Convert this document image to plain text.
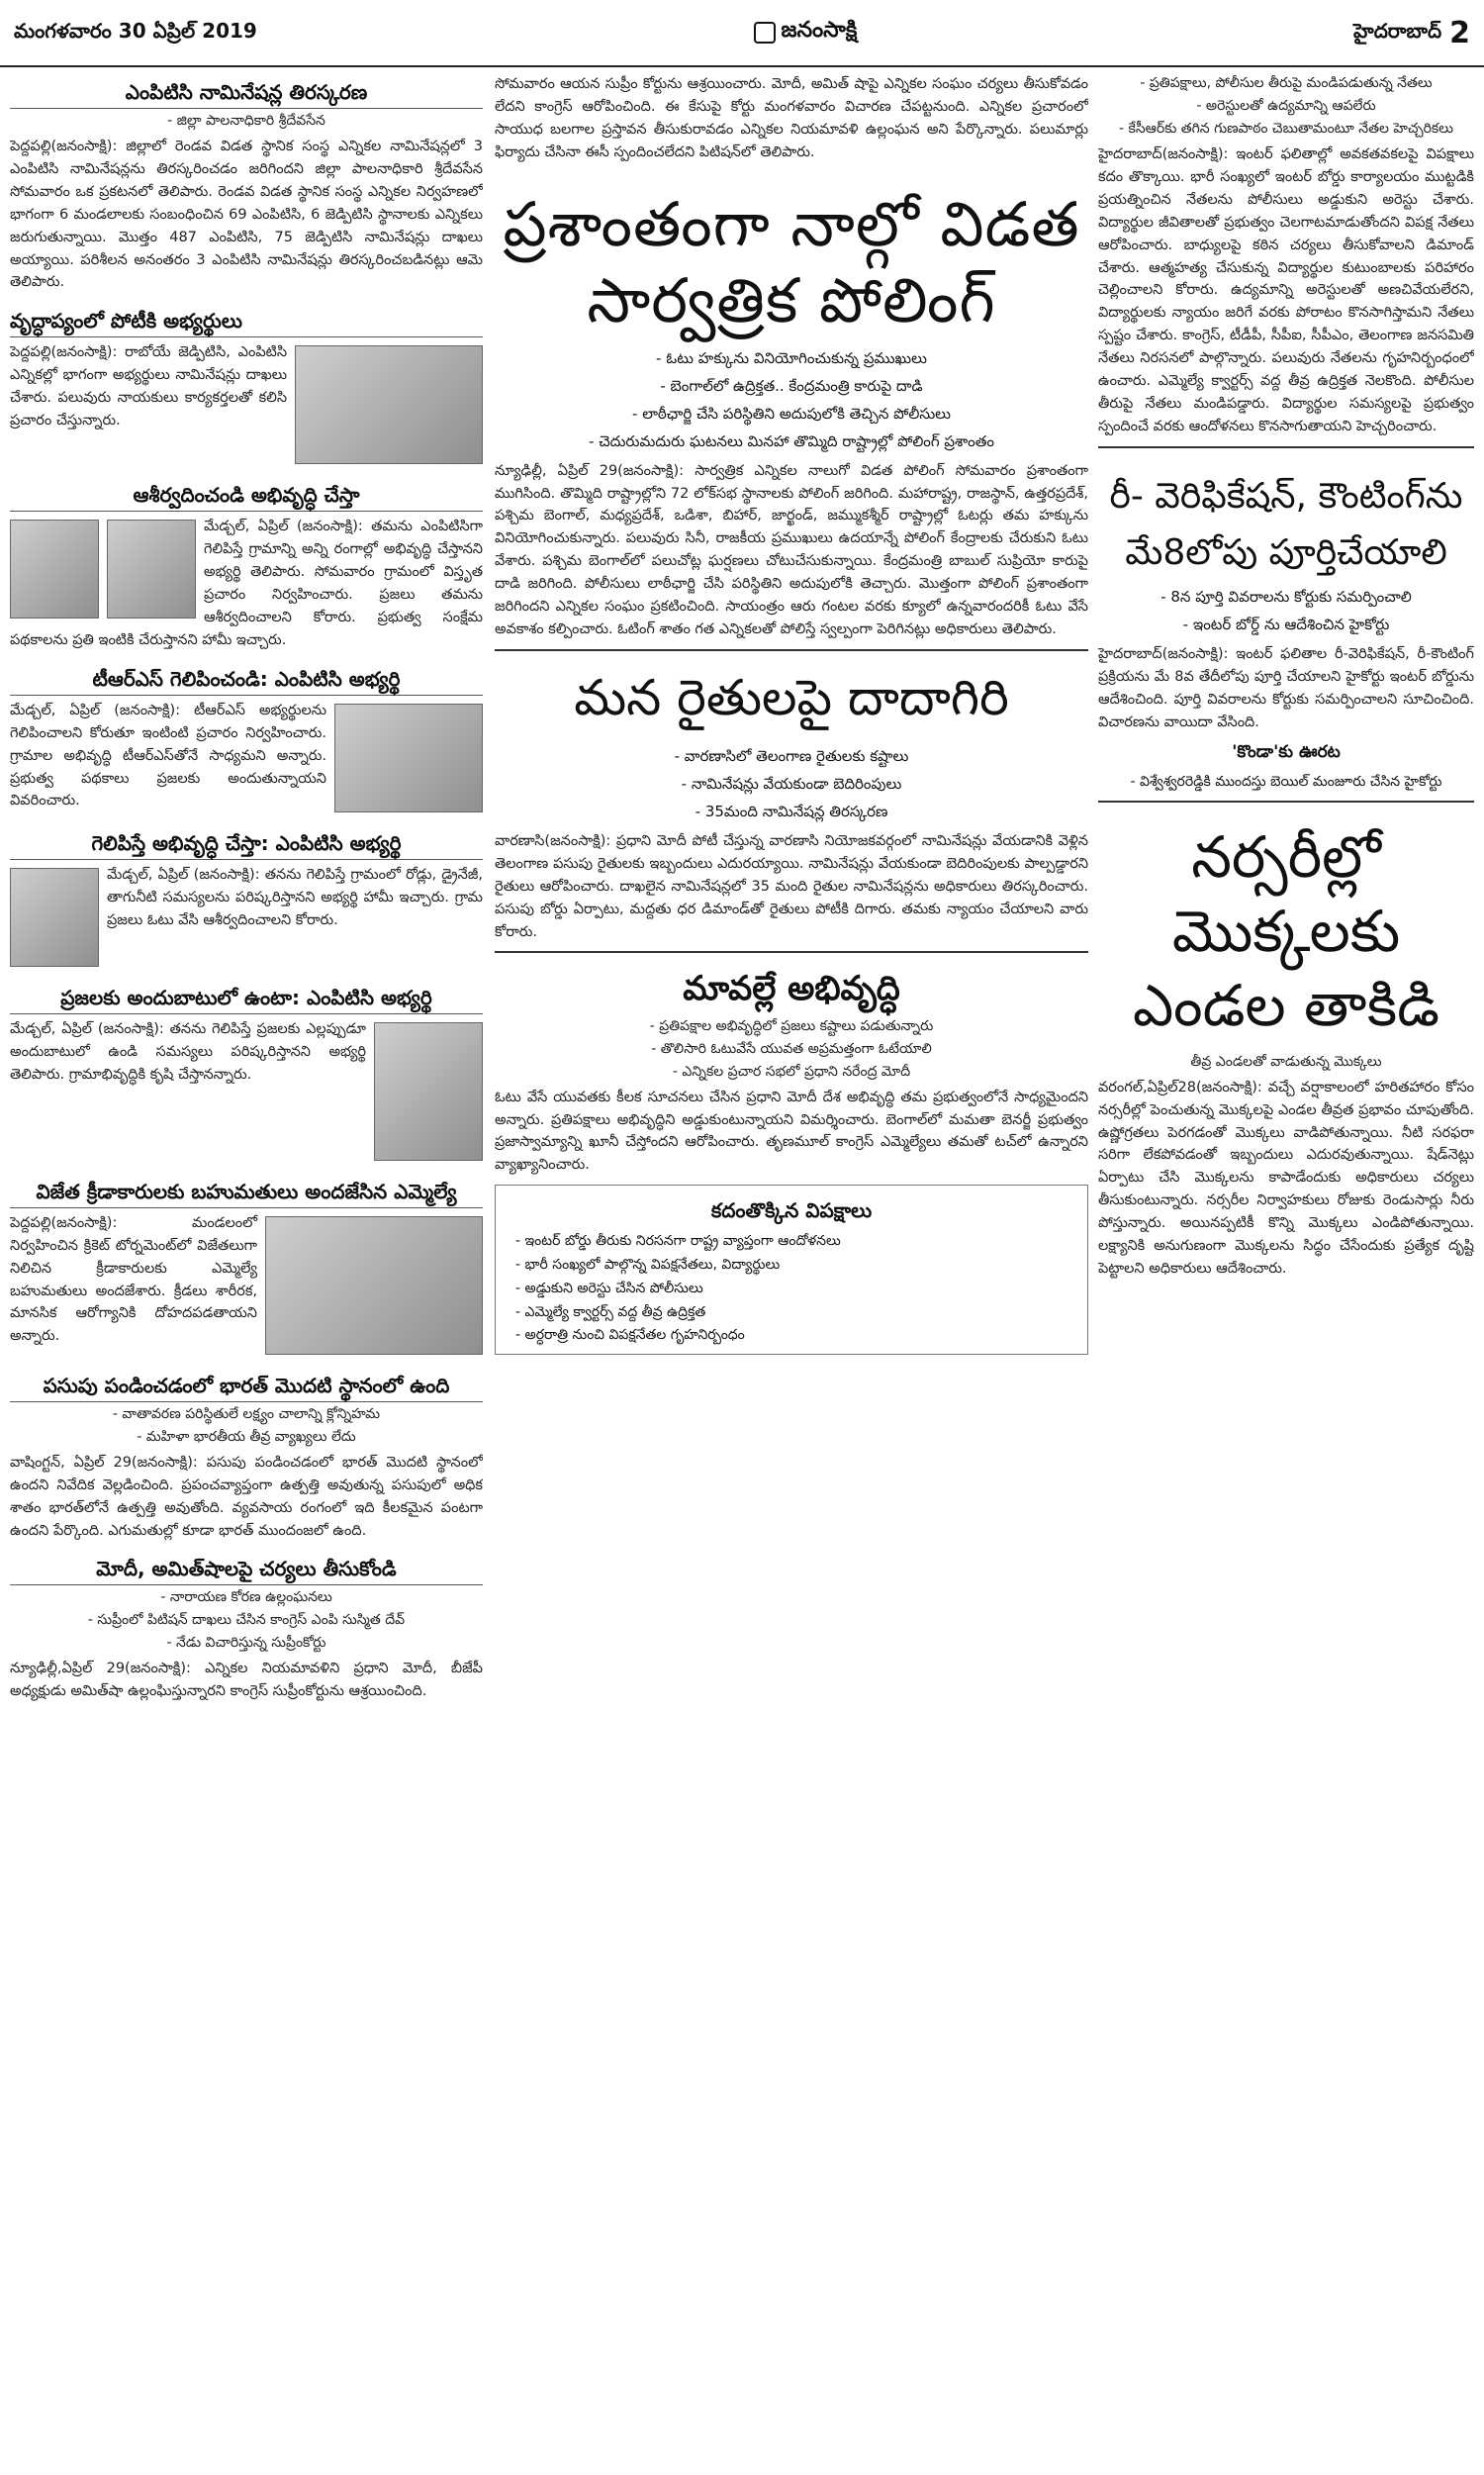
మంగళవారం 30 ఏప్రిల్ 2019	జనంసాక్షి	హైదరాబాద్ 2
ఎంపిటిసి నామినేషన్ల తిరస్కరణ
- జిల్లా పాలనాధికారి శ్రీదేవసేన
పెద్దపల్లి(జనంసాక్షి): జిల్లాలో రెండవ విడత స్థానిక సంస్థ ఎన్నికల నామినేషన్లలో 3 ఎంపిటిసి నామినేషన్లను తిరస్కరించడం జరిగిందని జిల్లా పాలనాధికారి శ్రీదేవసేన సోమవారం ఒక ప్రకటనలో తెలిపారు. రెండవ విడత స్థానిక సంస్థ ఎన్నికల నిర్వహణలో భాగంగా 6 మండలాలకు సంబంధించిన 69 ఎంపిటిసి, 6 జెడ్పిటిసి స్థానాలకు ఎన్నికలు జరుగుతున్నాయి. మొత్తం 487 ఎంపిటిసి, 75 జెడ్పిటిసి నామినేషన్లు దాఖలు అయ్యాయి. పరిశీలన అనంతరం 3 ఎంపిటిసి నామినేషన్లు తిరస్కరించబడినట్లు ఆమె తెలిపారు.
వృద్ధాప్యంలో పోటీకి అభ్యర్థులు
పెద్దపల్లి(జనంసాక్షి): రాబోయే జెడ్పిటిసి, ఎంపిటిసి ఎన్నికల్లో భాగంగా అభ్యర్థులు నామినేషన్లు దాఖలు చేశారు. పలువురు నాయకులు కార్యకర్తలతో కలిసి ప్రచారం చేస్తున్నారు.
ఆశీర్వదించండి అభివృద్ధి చేస్తా
మేడ్చల్, ఏప్రిల్ (జనంసాక్షి): తమను ఎంపిటిసిగా గెలిపిస్తే గ్రామాన్ని అన్ని రంగాల్లో అభివృద్ధి చేస్తానని అభ్యర్థి తెలిపారు. సోమవారం గ్రామంలో విస్తృత ప్రచారం నిర్వహించారు. ప్రజలు తమను ఆశీర్వదించాలని కోరారు. ప్రభుత్వ సంక్షేమ పథకాలను ప్రతి ఇంటికి చేరుస్తానని హామీ ఇచ్చారు.
టీఆర్ఎస్ గెలిపించండి: ఎంపిటిసి అభ్యర్థి
మేడ్చల్, ఏప్రిల్ (జనంసాక్షి): టీఆర్ఎస్ అభ్యర్థులను గెలిపించాలని కోరుతూ ఇంటింటి ప్రచారం నిర్వహించారు. గ్రామాల అభివృద్ధి టీఆర్ఎస్‌తోనే సాధ్యమని అన్నారు. ప్రభుత్వ పథకాలు ప్రజలకు అందుతున్నాయని వివరించారు.
గెలిపిస్తే అభివృద్ధి చేస్తా: ఎంపిటిసి అభ్యర్థి
మేడ్చల్, ఏప్రిల్ (జనంసాక్షి): తనను గెలిపిస్తే గ్రామంలో రోడ్లు, డ్రైనేజీ, తాగునీటి సమస్యలను పరిష్కరిస్తానని అభ్యర్థి హామీ ఇచ్చారు. గ్రామ ప్రజలు ఓటు వేసి ఆశీర్వదించాలని కోరారు.
ప్రజలకు అందుబాటులో ఉంటా: ఎంపిటిసి అభ్యర్థి
మేడ్చల్, ఏప్రిల్ (జనంసాక్షి): తనను గెలిపిస్తే ప్రజలకు ఎల్లప్పుడూ అందుబాటులో ఉండి సమస్యలు పరిష్కరిస్తానని అభ్యర్థి తెలిపారు. గ్రామాభివృద్ధికి కృషి చేస్తానన్నారు.
విజేత క్రీడాకారులకు బహుమతులు అందజేసిన ఎమ్మెల్యే
పెద్దపల్లి(జనంసాక్షి): మండలంలో నిర్వహించిన క్రికెట్ టోర్నమెంట్‌లో విజేతలుగా నిలిచిన క్రీడాకారులకు ఎమ్మెల్యే బహుమతులు అందజేశారు. క్రీడలు శారీరక, మానసిక ఆరోగ్యానికి దోహదపడతాయని అన్నారు.
పసుపు పండించడంలో భారత్ మొదటి స్థానంలో ఉంది
- వాతావరణ పరిస్థితులే లక్ష్యం చాలాన్ని క్లోన్నిహమ
- మహిళా భారతీయ తీవ్ర వ్యాఖ్యలు లేదు
వాషింగ్టన్, ఏప్రిల్ 29(జనంసాక్షి): పసుపు పండించడంలో భారత్ మొదటి స్థానంలో ఉందని నివేదిక వెల్లడించింది. ప్రపంచవ్యాప్తంగా ఉత్పత్తి అవుతున్న పసుపులో అధిక శాతం భారత్‌లోనే ఉత్పత్తి అవుతోంది. వ్యవసాయ రంగంలో ఇది కీలకమైన పంటగా ఉందని పేర్కొంది. ఎగుమతుల్లో కూడా భారత్ ముందంజలో ఉంది.
మోదీ, అమిత్‌షాలపై చర్యలు తీసుకోండి
- నారాయణ కోరణ ఉల్లంఘనలు
- సుప్రీంలో పిటిషన్ దాఖలు చేసిన కాంగ్రెస్ ఎంపి సుస్మిత దేవ్
- నేడు విచారిస్తున్న సుప్రీంకోర్టు
న్యూఢిల్లీ,ఏప్రిల్ 29(జనంసాక్షి): ఎన్నికల నియమావళిని ప్రధాని మోదీ, బీజేపీ అధ్యక్షుడు అమిత్‌షా ఉల్లంఘిస్తున్నారని కాంగ్రెస్ సుప్రీంకోర్టును ఆశ్రయించింది.
సోమవారం ఆయన సుప్రీం కోర్టును ఆశ్రయించారు. మోదీ, అమిత్ షాపై ఎన్నికల సంఘం చర్యలు తీసుకోవడం లేదని కాంగ్రెస్ ఆరోపించింది. ఈ కేసుపై కోర్టు మంగళవారం విచారణ చేపట్టనుంది. ఎన్నికల ప్రచారంలో సాయుధ బలగాల ప్రస్తావన తీసుకురావడం ఎన్నికల నియమావళి ఉల్లంఘన అని పేర్కొన్నారు. పలుమార్లు ఫిర్యాదు చేసినా ఈసీ స్పందించలేదని పిటిషన్‌లో తెలిపారు.
ప్రశాంతంగా నాల్గో విడత సార్వత్రిక పోలింగ్
- ఓటు హక్కును వినియోగించుకున్న ప్రముఖులు
- బెంగాల్‌లో ఉద్రిక్తత.. కేంద్రమంత్రి కారుపై దాడి
- లాఠీఛార్జి చేసి పరిస్థితిని అదుపులోకి తెచ్చిన పోలీసులు
- చెదురుమదురు ఘటనలు మినహా తొమ్మిది రాష్ట్రాల్లో పోలింగ్ ప్రశాంతం
న్యూఢిల్లీ, ఏప్రిల్ 29(జనంసాక్షి): సార్వత్రిక ఎన్నికల నాలుగో విడత పోలింగ్ సోమవారం ప్రశాంతంగా ముగిసింది. తొమ్మిది రాష్ట్రాల్లోని 72 లోక్‌సభ స్థానాలకు పోలింగ్ జరిగింది. మహారాష్ట్ర, రాజస్థాన్, ఉత్తరప్రదేశ్, పశ్చిమ బెంగాల్, మధ్యప్రదేశ్, ఒడిశా, బిహార్, జార్ఖండ్, జమ్ముకశ్మీర్ రాష్ట్రాల్లో ఓటర్లు తమ హక్కును వినియోగించుకున్నారు. పలువురు సినీ, రాజకీయ ప్రముఖులు ఉదయాన్నే పోలింగ్ కేంద్రాలకు చేరుకుని ఓటు వేశారు. పశ్చిమ బెంగాల్‌లో పలుచోట్ల ఘర్షణలు చోటుచేసుకున్నాయి. కేంద్రమంత్రి బాబుల్ సుప్రియో కారుపై దాడి జరిగింది. పోలీసులు లాఠీఛార్జి చేసి పరిస్థితిని అదుపులోకి తెచ్చారు. మొత్తంగా పోలింగ్ ప్రశాంతంగా జరిగిందని ఎన్నికల సంఘం ప్రకటించింది. సాయంత్రం ఆరు గంటల వరకు క్యూలో ఉన్నవారందరికీ ఓటు వేసే అవకాశం కల్పించారు. ఓటింగ్ శాతం గత ఎన్నికలతో పోలిస్తే స్వల్పంగా పెరిగినట్లు అధికారులు తెలిపారు.
మన రైతులపై దాదాగిరి
- వారణాసిలో తెలంగాణ రైతులకు కష్టాలు
- నామినేషన్లు వేయకుండా బెదిరింపులు
- 35మంది నామినేషన్ల తిరస్కరణ
వారణాసి(జనంసాక్షి): ప్రధాని మోదీ పోటీ చేస్తున్న వారణాసి నియోజకవర్గంలో నామినేషన్లు వేయడానికి వెళ్లిన తెలంగాణ పసుపు రైతులకు ఇబ్బందులు ఎదురయ్యాయి. నామినేషన్లు వేయకుండా బెదిరింపులకు పాల్పడ్డారని రైతులు ఆరోపించారు. దాఖలైన నామినేషన్లలో 35 మంది రైతుల నామినేషన్లను అధికారులు తిరస్కరించారు. పసుపు బోర్డు ఏర్పాటు, మద్దతు ధర డిమాండ్‌తో రైతులు పోటీకి దిగారు. తమకు న్యాయం చేయాలని వారు కోరారు.
మావల్లే అభివృద్ధి
- ప్రతిపక్షాల అభివృద్ధిలో ప్రజలు కష్టాలు పడుతున్నారు
- తొలిసారి ఓటువేసే యువత అప్రమత్తంగా ఓటేయాలి
- ఎన్నికల ప్రచార సభలో ప్రధాని నరేంద్ర మోదీ
ఓటు వేసే యువతకు కీలక సూచనలు చేసిన ప్రధాని మోదీ దేశ అభివృద్ధి తమ ప్రభుత్వంలోనే సాధ్యమైందని అన్నారు. ప్రతిపక్షాలు అభివృద్ధిని అడ్డుకుంటున్నాయని విమర్శించారు. బెంగాల్‌లో మమతా బెనర్జీ ప్రభుత్వం ప్రజాస్వామ్యాన్ని ఖూనీ చేస్తోందని ఆరోపించారు. తృణమూల్ కాంగ్రెస్ ఎమ్మెల్యేలు తమతో టచ్‌లో ఉన్నారని వ్యాఖ్యానించారు.
కదంతొక్కిన విపక్షాలు
- ఇంటర్ బోర్డు తీరుకు నిరసనగా రాష్ట్ర వ్యాప్తంగా ఆందోళనలు
- భారీ సంఖ్యలో పాల్గొన్న విపక్షనేతలు, విద్యార్థులు
- అడ్డుకుని అరెస్టు చేసిన పోలీసులు
- ఎమ్మెల్యే క్వార్టర్స్ వద్ద తీవ్ర ఉద్రిక్తత
- అర్ధరాత్రి నుంచి విపక్షనేతల గృహనిర్బంధం
- ప్రతిపక్షాలు, పోలీసుల తీరుపై మండిపడుతున్న నేతలు
- అరెస్టులతో ఉద్యమాన్ని ఆపలేరు
- కేసీఆర్‌కు తగిన గుణపాఠం చెబుతామంటూ నేతల హెచ్చరికలు
హైదరాబాద్(జనంసాక్షి): ఇంటర్ ఫలితాల్లో అవకతవకలపై విపక్షాలు కదం తొక్కాయి. భారీ సంఖ్యలో ఇంటర్ బోర్డు కార్యాలయం ముట్టడికి ప్రయత్నించిన నేతలను పోలీసులు అడ్డుకుని అరెస్టు చేశారు. విద్యార్థుల జీవితాలతో ప్రభుత్వం చెలగాటమాడుతోందని విపక్ష నేతలు ఆరోపించారు. బాధ్యులపై కఠిన చర్యలు తీసుకోవాలని డిమాండ్ చేశారు. ఆత్మహత్య చేసుకున్న విద్యార్థుల కుటుంబాలకు పరిహారం చెల్లించాలని కోరారు. ఉద్యమాన్ని అరెస్టులతో అణచివేయలేరని, విద్యార్థులకు న్యాయం జరిగే వరకు పోరాటం కొనసాగిస్తామని నేతలు స్పష్టం చేశారు. కాంగ్రెస్, టీడీపీ, సీపీఐ, సీపీఎం, తెలంగాణ జనసమితి నేతలు నిరసనలో పాల్గొన్నారు. పలువురు నేతలను గృహనిర్బంధంలో ఉంచారు. ఎమ్మెల్యే క్వార్టర్స్ వద్ద తీవ్ర ఉద్రిక్తత నెలకొంది. పోలీసుల తీరుపై నేతలు మండిపడ్డారు. విద్యార్థుల సమస్యలపై ప్రభుత్వం స్పందించే వరకు ఆందోళనలు కొనసాగుతాయని హెచ్చరించారు.
రీ- వెరిఫికేషన్, కౌంటింగ్‌ను మే8లోపు పూర్తిచేయాలి
- 8న పూర్తి వివరాలను కోర్టుకు సమర్పించాలి
- ఇంటర్ బోర్డ్ ను ఆదేశించిన హైకోర్టు
హైదరాబాద్(జనంసాక్షి): ఇంటర్ ఫలితాల రీ-వెరిఫికేషన్, రీ-కౌంటింగ్ ప్రక్రియను మే 8వ తేదీలోపు పూర్తి చేయాలని హైకోర్టు ఇంటర్ బోర్డును ఆదేశించింది. పూర్తి వివరాలను కోర్టుకు సమర్పించాలని సూచించింది. విచారణను వాయిదా వేసింది.
'కొండా'కు ఊరట
- విశ్వేశ్వరరెడ్డికి ముందస్తు బెయిల్ మంజూరు చేసిన హైకోర్టు
నర్సరీల్లో మొక్కలకు ఎండల తాకిడి
తీవ్ర ఎండలతో వాడుతున్న మొక్కలు
వరంగల్,ఏప్రిల్28(జనంసాక్షి): వచ్చే వర్షాకాలంలో హరితహారం కోసం నర్సరీల్లో పెంచుతున్న మొక్కలపై ఎండల తీవ్రత ప్రభావం చూపుతోంది. ఉష్ణోగ్రతలు పెరగడంతో మొక్కలు వాడిపోతున్నాయి. నీటి సరఫరా సరిగా లేకపోవడంతో ఇబ్బందులు ఎదురవుతున్నాయి. షేడ్‌నెట్లు ఏర్పాటు చేసి మొక్కలను కాపాడేందుకు అధికారులు చర్యలు తీసుకుంటున్నారు. నర్సరీల నిర్వాహకులు రోజుకు రెండుసార్లు నీరు పోస్తున్నారు. అయినప్పటికీ కొన్ని మొక్కలు ఎండిపోతున్నాయి. లక్ష్యానికి అనుగుణంగా మొక్కలను సిద్ధం చేసేందుకు ప్రత్యేక దృష్టి పెట్టాలని అధికారులు ఆదేశించారు.
